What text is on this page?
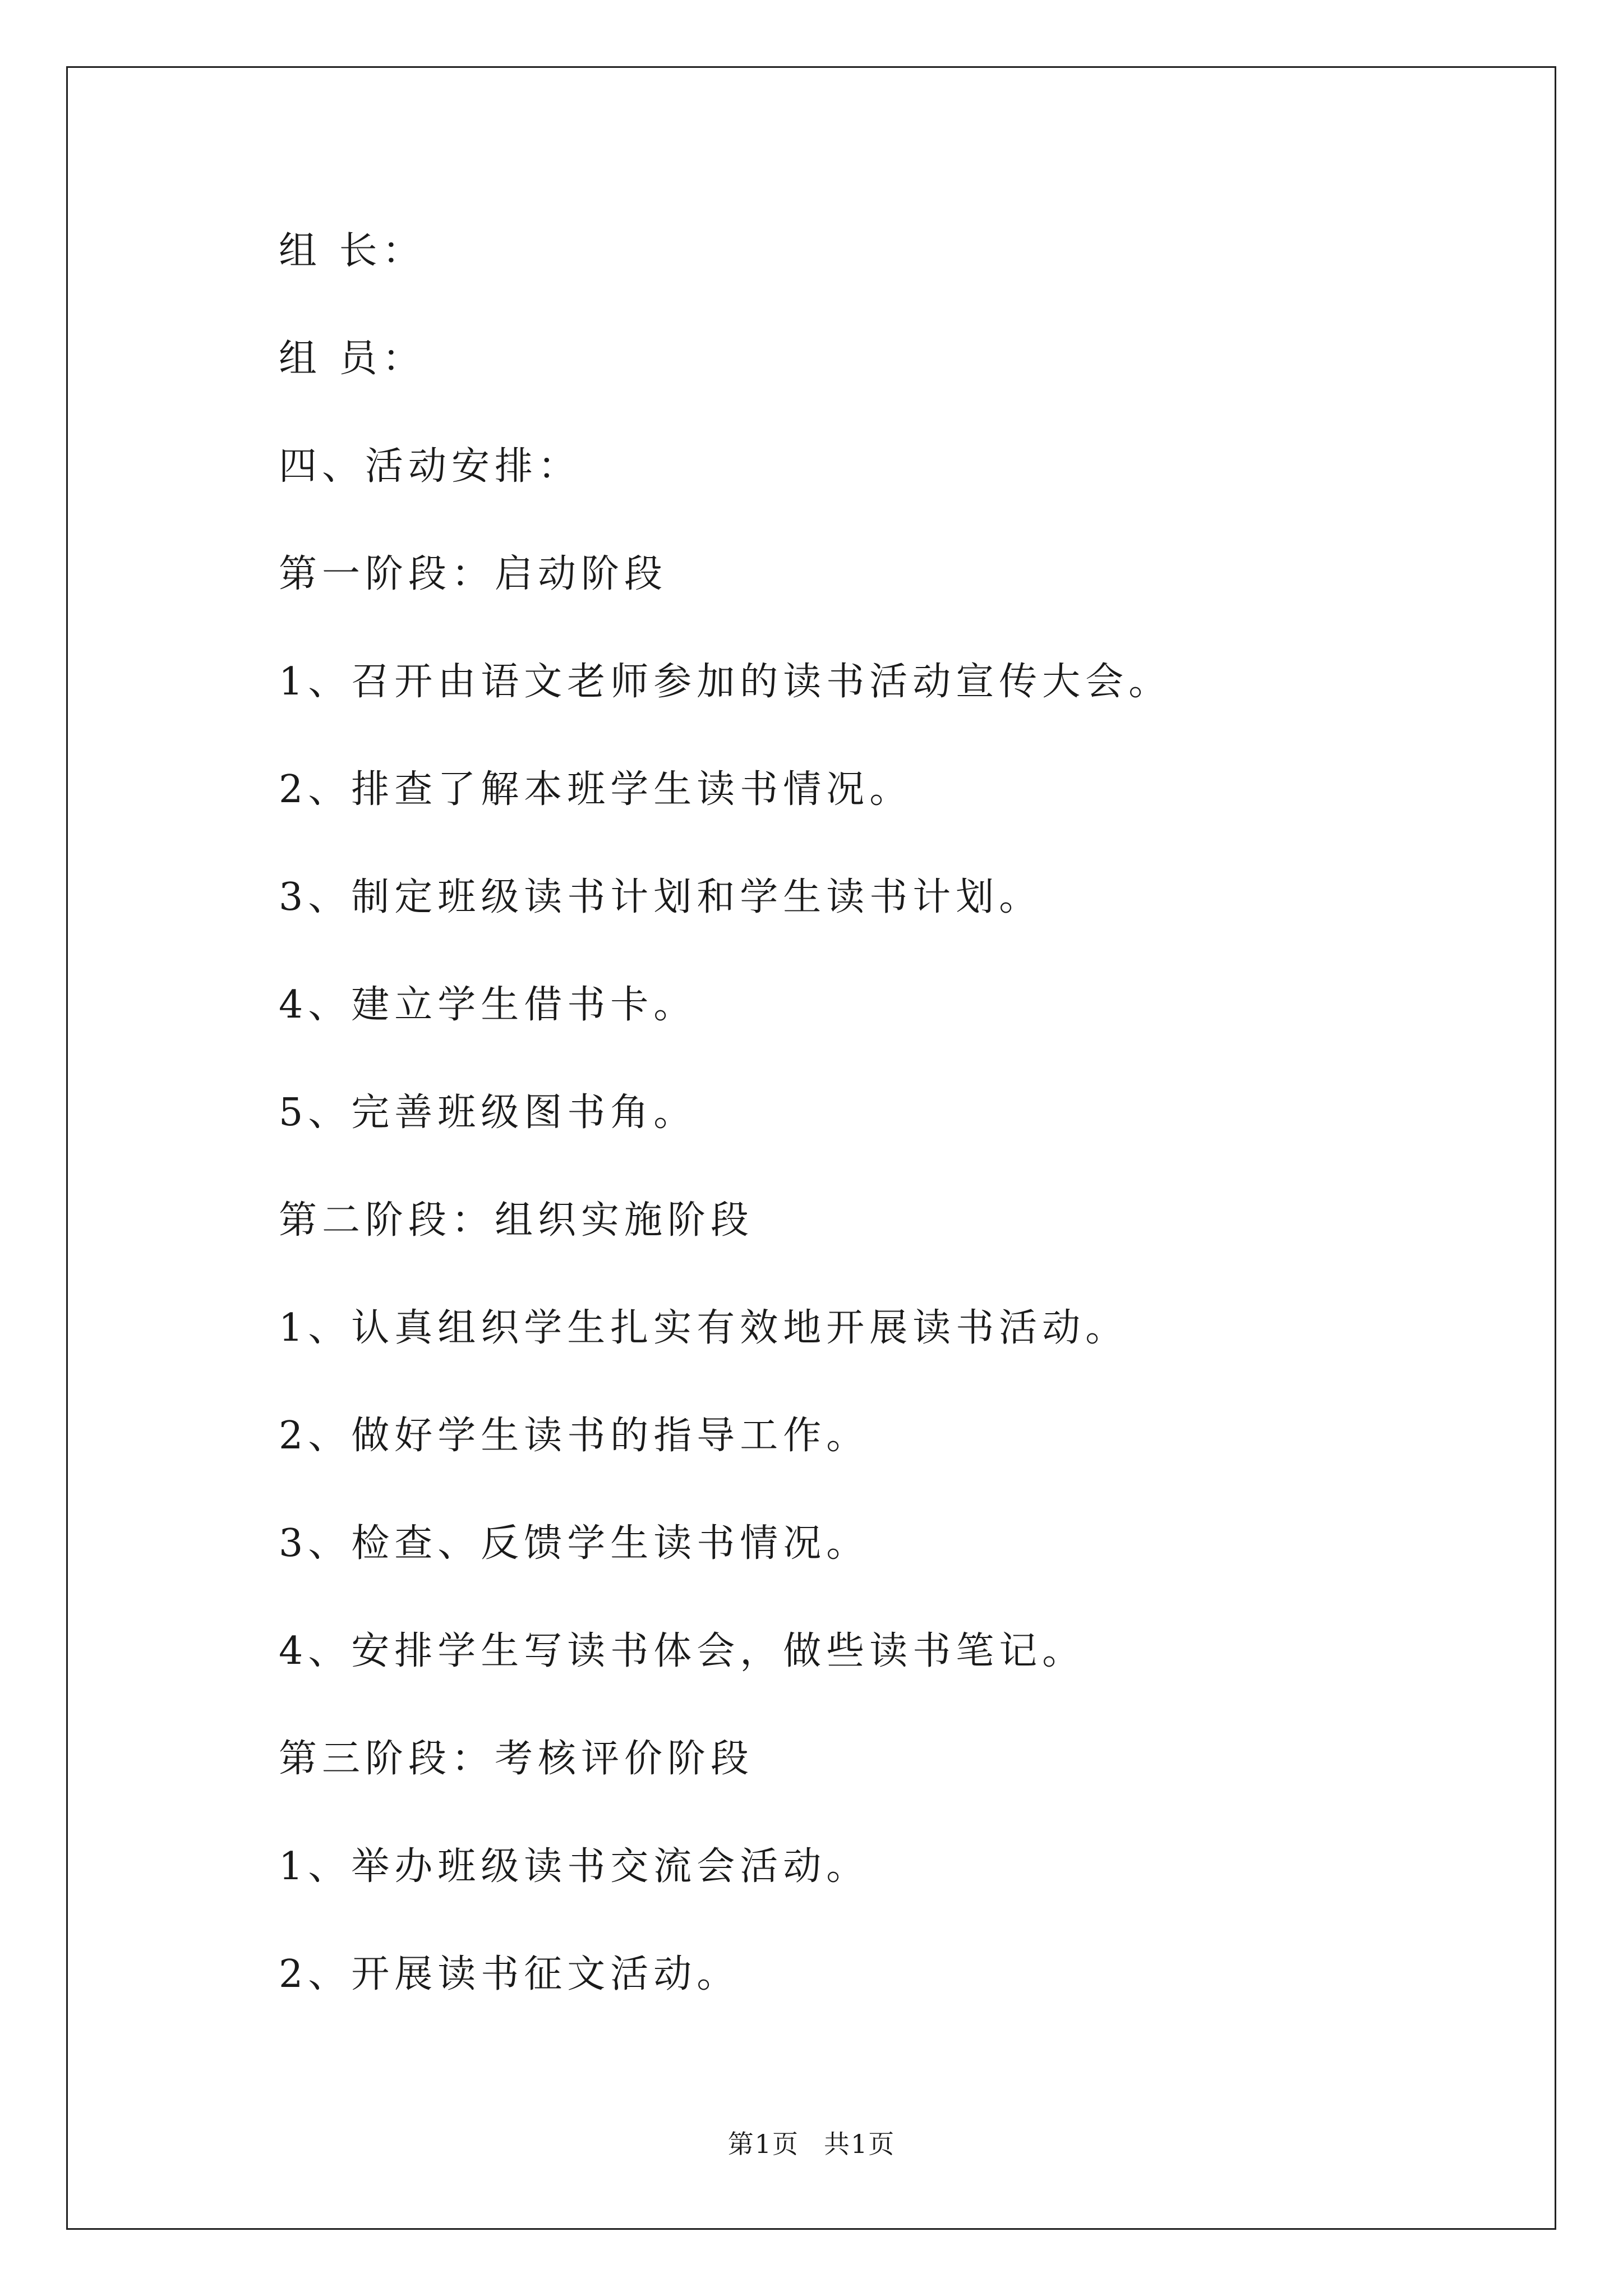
组 长：
组 员：
四、活动安排：
第一阶段：启动阶段
1、召开由语文老师参加的读书活动宣传大会。
2、排查了解本班学生读书情况。
3、制定班级读书计划和学生读书计划。
4、建立学生借书卡。
5、完善班级图书角。
第二阶段：组织实施阶段
1、认真组织学生扎实有效地开展读书活动。
2、做好学生读书的指导工作。
3、检查、反馈学生读书情况。
4、安排学生写读书体会，做些读书笔记。
第三阶段：考核评价阶段
1、举办班级读书交流会活动。
2、开展读书征文活动。
第1页 共1页
